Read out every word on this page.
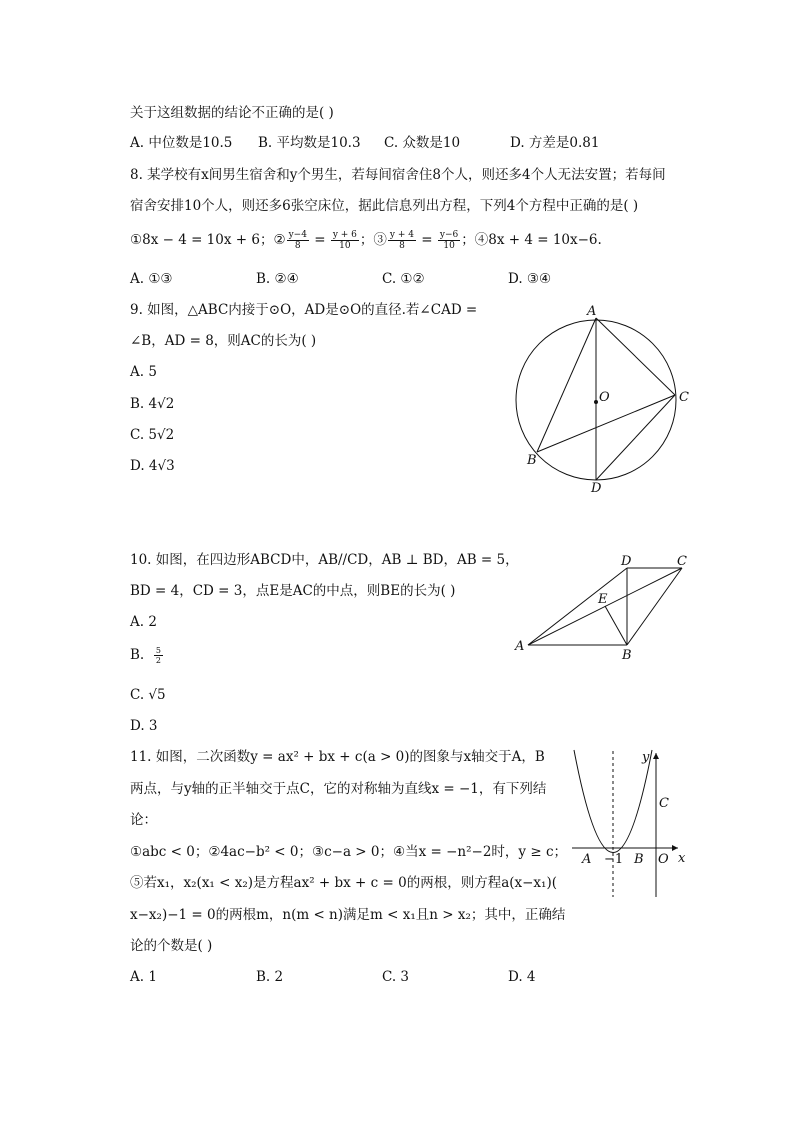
关于这组数据的结论不正确的是( )
A. 中位数是10.5 B. 平均数是10.3 C. 众数是10	D. 方差是0.81
8. 某学校有x间男生宿舍和y个男生，若每间宿舍住8个人，则还多4个人无法安置；若每间
宿舍安排10个人，则还多6张空床位，据此信息列出方程，下列4个方程中正确的是( )
①8x − 4 = 10x + 6；② $\frac{y-4}{8} = \frac{y + 6}{10}$ ；③ $\frac{y + 4}{8} = \frac{y-6}{10}$ ；④8x + 4 = 10x−6.
A. ①③	B. ②④	C. ①②	D. ③④
9. 如图，△ABC内接于⊙O，AD是⊙O的直径.若∠CAD =
∠B，AD = 8，则AC的长为( )
A. 5
B. 4√2
C. 5√2
D. 4√3
A
O	C
B
D
10. 如图，在四边形ABCD中，AB//CD，AB ⊥ BD，AB = 5，
BD = 4，CD = 3，点E是AC的中点，则BE的长为( )
A. 2
B. $\frac{5}{2}$
C. √5
D. 3
D	C
E
A
B
11. 如图，二次函数y = ax² + bx + c(a > 0)的图象与x轴交于A，B
两点，与y轴的正半轴交于点C，它的对称轴为直线x = −1，有下列结
论：
①abc < 0；②4ac−b² < 0；③c−a > 0；④当x = −n²−2时，y ≥ c；
⑤若x₁，x₂(x₁ < x₂)是方程ax² + bx + c = 0的两根，则方程a(x−x₁)(
x−x₂)−1 = 0的两根m，n(m < n)满足m < x₁且n > x₂；其中，正确结
论的个数是( )
A. 1	B. 2	C. 3	D. 4
y
x
C
A −1 B O
